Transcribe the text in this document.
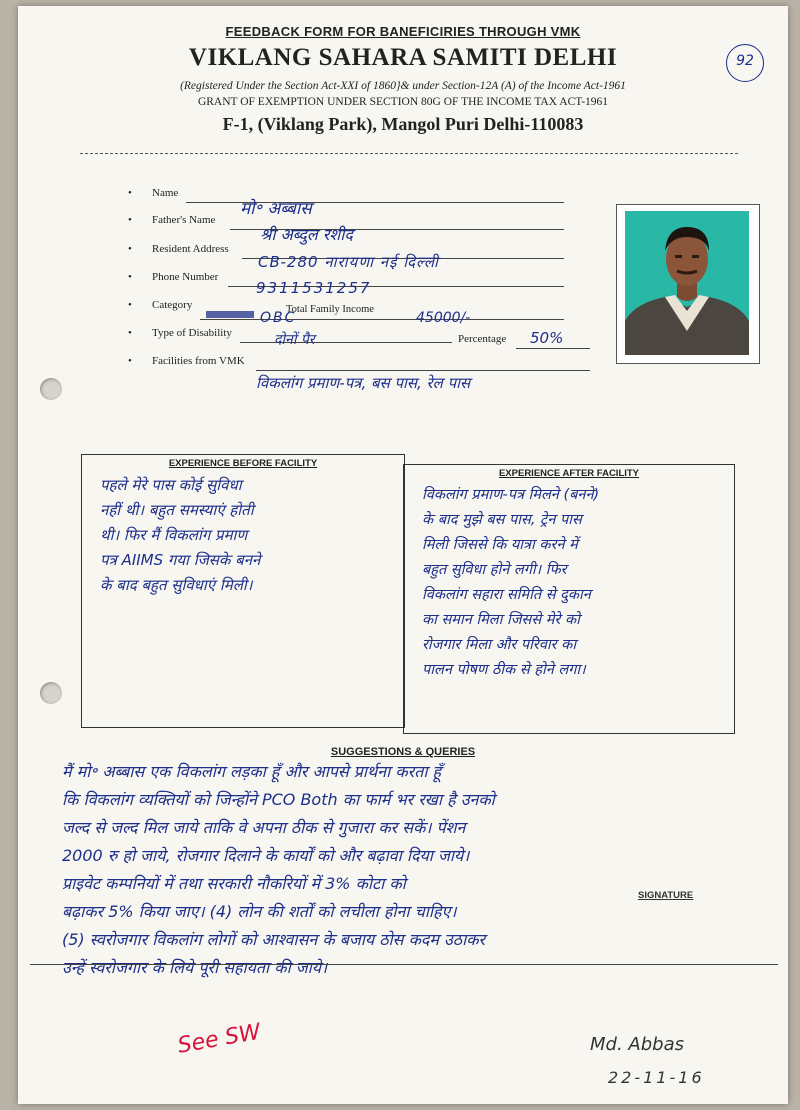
FEEDBACK FORM FOR BANEFICIRIES THROUGH VMK
VIKLANG SAHARA SAMITI DELHI	92
(Registered Under the Section Act-XXI of 1860}& under Section-12A (A) of the Income Act-1961
GRANT OF EXEMPTION UNDER SECTION 80G OF THE INCOME TAX ACT-1961
F-1, (Viklang Park), Mangol Puri Delhi-110083
• Name
मो॰ अब्बास
• Father's Name
श्री अब्दुल रशीद
• Resident Address
CB-280 नारायणा नई दिल्ली
• Phone Number
9311531257
• Category	Total Family Income
OBC	45000/-
• Type of Disability	दोनों पैर	Percentage 50%
• Facilities from VMK
विकलांग प्रमाण-पत्र, बस पास, रेल पास
EXPERIENCE BEFORE FACILITY
पहले मेरे पास कोई सुविधा
नहीं थी। बहुत समस्याएं होती
थी। फिर मैं विकलांग प्रमाण
पत्र AIIMS गया जिसके बनने
के बाद बहुत सुविधाएं मिली।
EXPERIENCE AFTER FACILITY
विकलांग प्रमाण-पत्र मिलने (बनने)
के बाद मुझे बस पास, ट्रेन पास
मिली जिससे कि यात्रा करने में
बहुत सुविधा होने लगी। फिर
विकलांग सहारा समिति से दुकान
का समान मिला जिससे मेरे को
रोजगार मिला और परिवार का
पालन पोषण ठीक से होने लगा।
SUGGESTIONS & QUERIES
मैं मो॰ अब्बास एक विकलांग लड़का हूँ और आपसे प्रार्थना करता हूँ
कि विकलांग व्यक्तियों को जिन्होंने PCO Both का फार्म भर रखा है उनको
जल्द से जल्द मिल जाये ताकि वे अपना ठीक से गुजारा कर सकें। पेंशन
2000 रु हो जाये, रोजगार दिलाने के कार्यों को और बढ़ावा दिया जाये।
प्राइवेट कम्पनियों में तथा सरकारी नौकरियों में 3% कोटा को
बढ़ाकर 5% किया जाए। (4) लोन की शर्तों को लचीला होना चाहिए।
(5) स्वरोजगार विकलांग लोगों को आश्वासन के बजाय ठोस कदम उठाकर
उन्हें स्वरोजगार के लिये पूरी सहायता की जाये।
SIGNATURE
See SW	Md. Abbas
22-11-16
